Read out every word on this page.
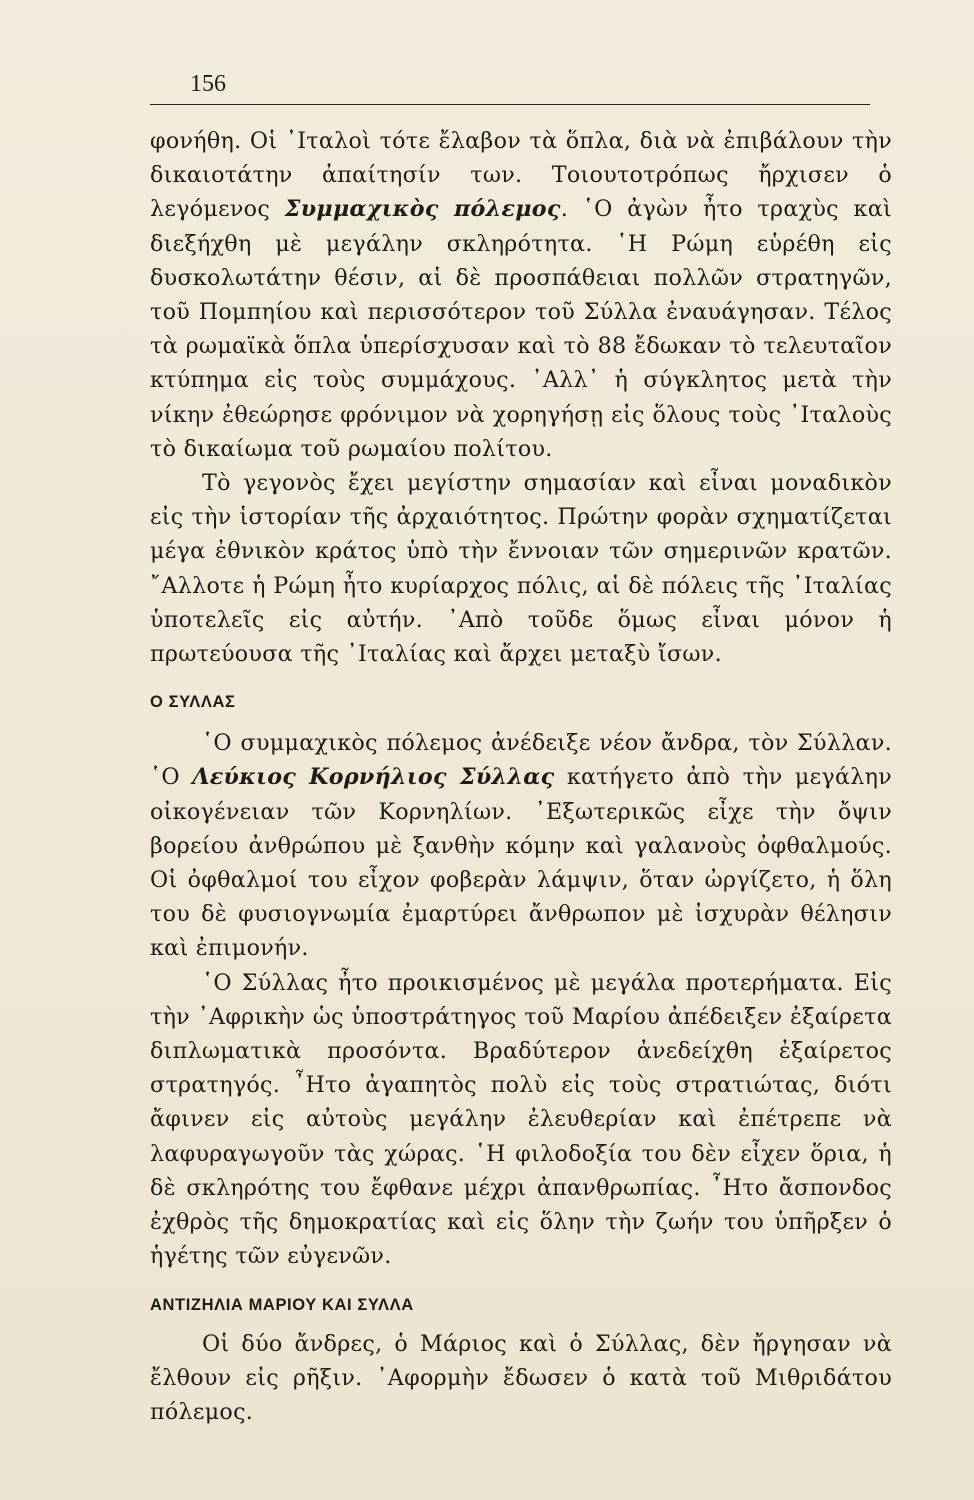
156

φονήθη. Οἱ ᾿Ιταλοὶ τότε ἔλαβον τὰ ὅπλα, διὰ νὰ ἐπιβάλουν τὴν δικαιοτάτην ἀπαίτησίν των. Τοιουτοτρόπως ἤρχισεν ὁ λεγόμενος Συμμαχικὸς πόλεμος. ῾Ο ἀγὼν ἦτο τραχὺς καὶ διεξήχθη μὲ μεγάλην σκληρότητα. ῾Η Ρώμη εὑρέθη εἰς δυσκολωτάτην θέσιν, αἱ δὲ προσπάθειαι πολλῶν στρατηγῶν, τοῦ Πομπηίου καὶ περισσότερον τοῦ Σύλλα ἐναυάγησαν. Τέλος τὰ ρωμαϊκὰ ὅπλα ὑπερίσχυσαν καὶ τὸ 88 ἔδωκαν τὸ τελευταῖον κτύπημα εἰς τοὺς συμμάχους. ᾿Αλλ᾿ ἡ σύγκλητος μετὰ τὴν νίκην ἐθεώρησε φρόνιμον νὰ χορηγήσῃ εἰς ὅλους τοὺς ᾿Ιταλοὺς τὸ δικαίωμα τοῦ ρωμαίου πολίτου.

Τὸ γεγονὸς ἔχει μεγίστην σημασίαν καὶ εἶναι μοναδικὸν εἰς τὴν ἱστορίαν τῆς ἀρχαιότητος. Πρώτην φορὰν σχηματίζεται μέγα ἐθνικὸν κράτος ὑπὸ τὴν ἔννοιαν τῶν σημερινῶν κρατῶν. ῎Αλλοτε ἡ Ρώμη ἦτο κυρίαρχος πόλις, αἱ δὲ πόλεις τῆς ᾿Ιταλίας ὑποτελεῖς εἰς αὐτήν. ᾿Απὸ τοῦδε ὅμως εἶναι μόνον ἡ πρωτεύουσα τῆς ᾿Ιταλίας καὶ ἄρχει μεταξὺ ἴσων.

Ο ΣΥΛΛΑΣ

῾Ο συμμαχικὸς πόλεμος ἀνέδειξε νέον ἄνδρα, τὸν Σύλλαν. ῾Ο Λεύκιος Κορνήλιος Σύλλας κατήγετο ἀπὸ τὴν μεγάλην οἰκογένειαν τῶν Κορνηλίων. ᾿Εξωτερικῶς εἶχε τὴν ὄψιν βορείου ἀνθρώπου μὲ ξανθὴν κόμην καὶ γαλανοὺς ὀφθαλμούς. Οἱ ὀφθαλμοί του εἶχον φοβερὰν λάμψιν, ὅταν ὠργίζετο, ἡ ὅλη του δὲ φυσιογνωμία ἐμαρτύρει ἄνθρωπον μὲ ἰσχυρὰν θέλησιν καὶ ἐπιμονήν.

῾Ο Σύλλας ἦτο προικισμένος μὲ μεγάλα προτερήματα. Εἰς τὴν ᾿Αφρικὴν ὡς ὑποστράτηγος τοῦ Μαρίου ἀπέδειξεν ἐξαίρετα διπλωματικὰ προσόντα. Βραδύτερον ἀνεδείχθη ἐξαίρετος στρατηγός. ῏Ητο ἀγαπητὸς πολὺ εἰς τοὺς στρατιώτας, διότι ἄφινεν εἰς αὐτοὺς μεγάλην ἐλευθερίαν καὶ ἐπέτρεπε νὰ λαφυραγωγοῦν τὰς χώρας. ῾Η φιλοδοξία του δὲν εἶχεν ὅρια, ἡ δὲ σκληρότης του ἔφθανε μέχρι ἀπανθρωπίας. ῏Ητο ἄσπονδος ἐχθρὸς τῆς δημοκρατίας καὶ εἰς ὅλην τὴν ζωήν του ὑπῆρξεν ὁ ἡγέτης τῶν εὐγενῶν.

ΑΝΤΙΖΗΛΙΑ ΜΑΡΙΟΥ ΚΑΙ ΣΥΛΛΑ

Οἱ δύο ἄνδρες, ὁ Μάριος καὶ ὁ Σύλλας, δὲν ἤργησαν νὰ ἔλθουν εἰς ρῆξιν. ᾿Αφορμὴν ἔδωσεν ὁ κατὰ τοῦ Μιθριδάτου πόλεμος.
